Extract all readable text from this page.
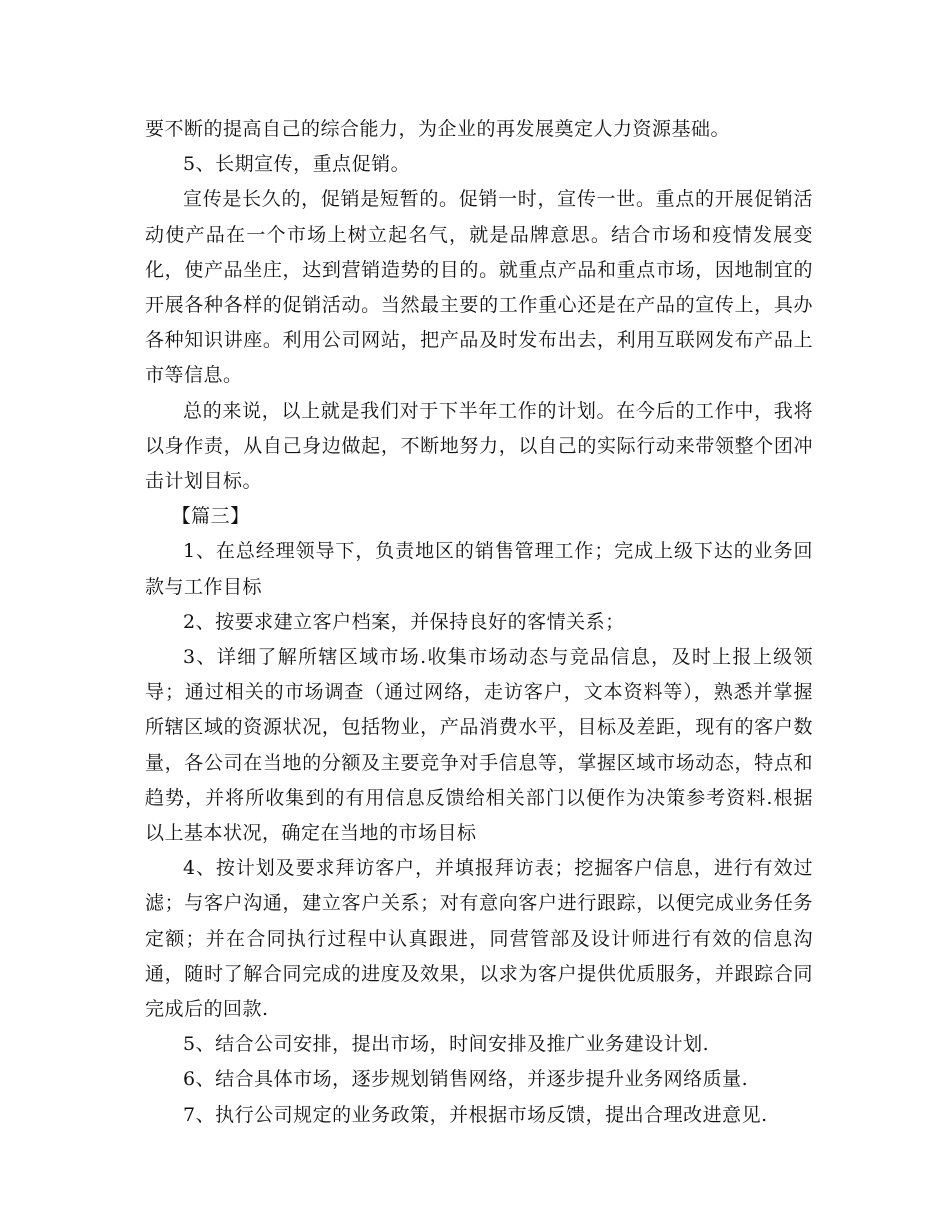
要不断的提高自己的综合能力，为企业的再发展奠定人力资源基础。

5、长期宣传，重点促销。

宣传是长久的，促销是短暂的。促销一时，宣传一世。重点的开展促销活动使产品在一个市场上树立起名气，就是品牌意思。结合市场和疫情发展变化，使产品坐庄，达到营销造势的目的。就重点产品和重点市场，因地制宜的开展各种各样的促销活动。当然最主要的工作重心还是在产品的宣传上，具办各种知识讲座。利用公司网站，把产品及时发布出去，利用互联网发布产品上市等信息。

总的来说，以上就是我们对于下半年工作的计划。在今后的工作中，我将以身作责，从自己身边做起，不断地努力，以自己的实际行动来带领整个团冲击计划目标。

【篇三】

1、在总经理领导下，负责地区的销售管理工作；完成上级下达的业务回款与工作目标

2、按要求建立客户档案，并保持良好的客情关系；

3、详细了解所辖区域市场.收集市场动态与竞品信息，及时上报上级领导；通过相关的市场调查（通过网络，走访客户，文本资料等），熟悉并掌握所辖区域的资源状况，包括物业，产品消费水平，目标及差距，现有的客户数量，各公司在当地的分额及主要竞争对手信息等，掌握区域市场动态，特点和趋势，并将所收集到的有用信息反馈给相关部门以便作为决策参考资料.根据以上基本状况，确定在当地的市场目标

4、按计划及要求拜访客户，并填报拜访表；挖掘客户信息，进行有效过滤；与客户沟通，建立客户关系；对有意向客户进行跟踪，以便完成业务任务定额；并在合同执行过程中认真跟进，同营管部及设计师进行有效的信息沟通，随时了解合同完成的进度及效果，以求为客户提供优质服务，并跟踪合同完成后的回款.

5、结合公司安排，提出市场，时间安排及推广业务建设计划.

6、结合具体市场，逐步规划销售网络，并逐步提升业务网络质量.

7、执行公司规定的业务政策，并根据市场反馈，提出合理改进意见.
